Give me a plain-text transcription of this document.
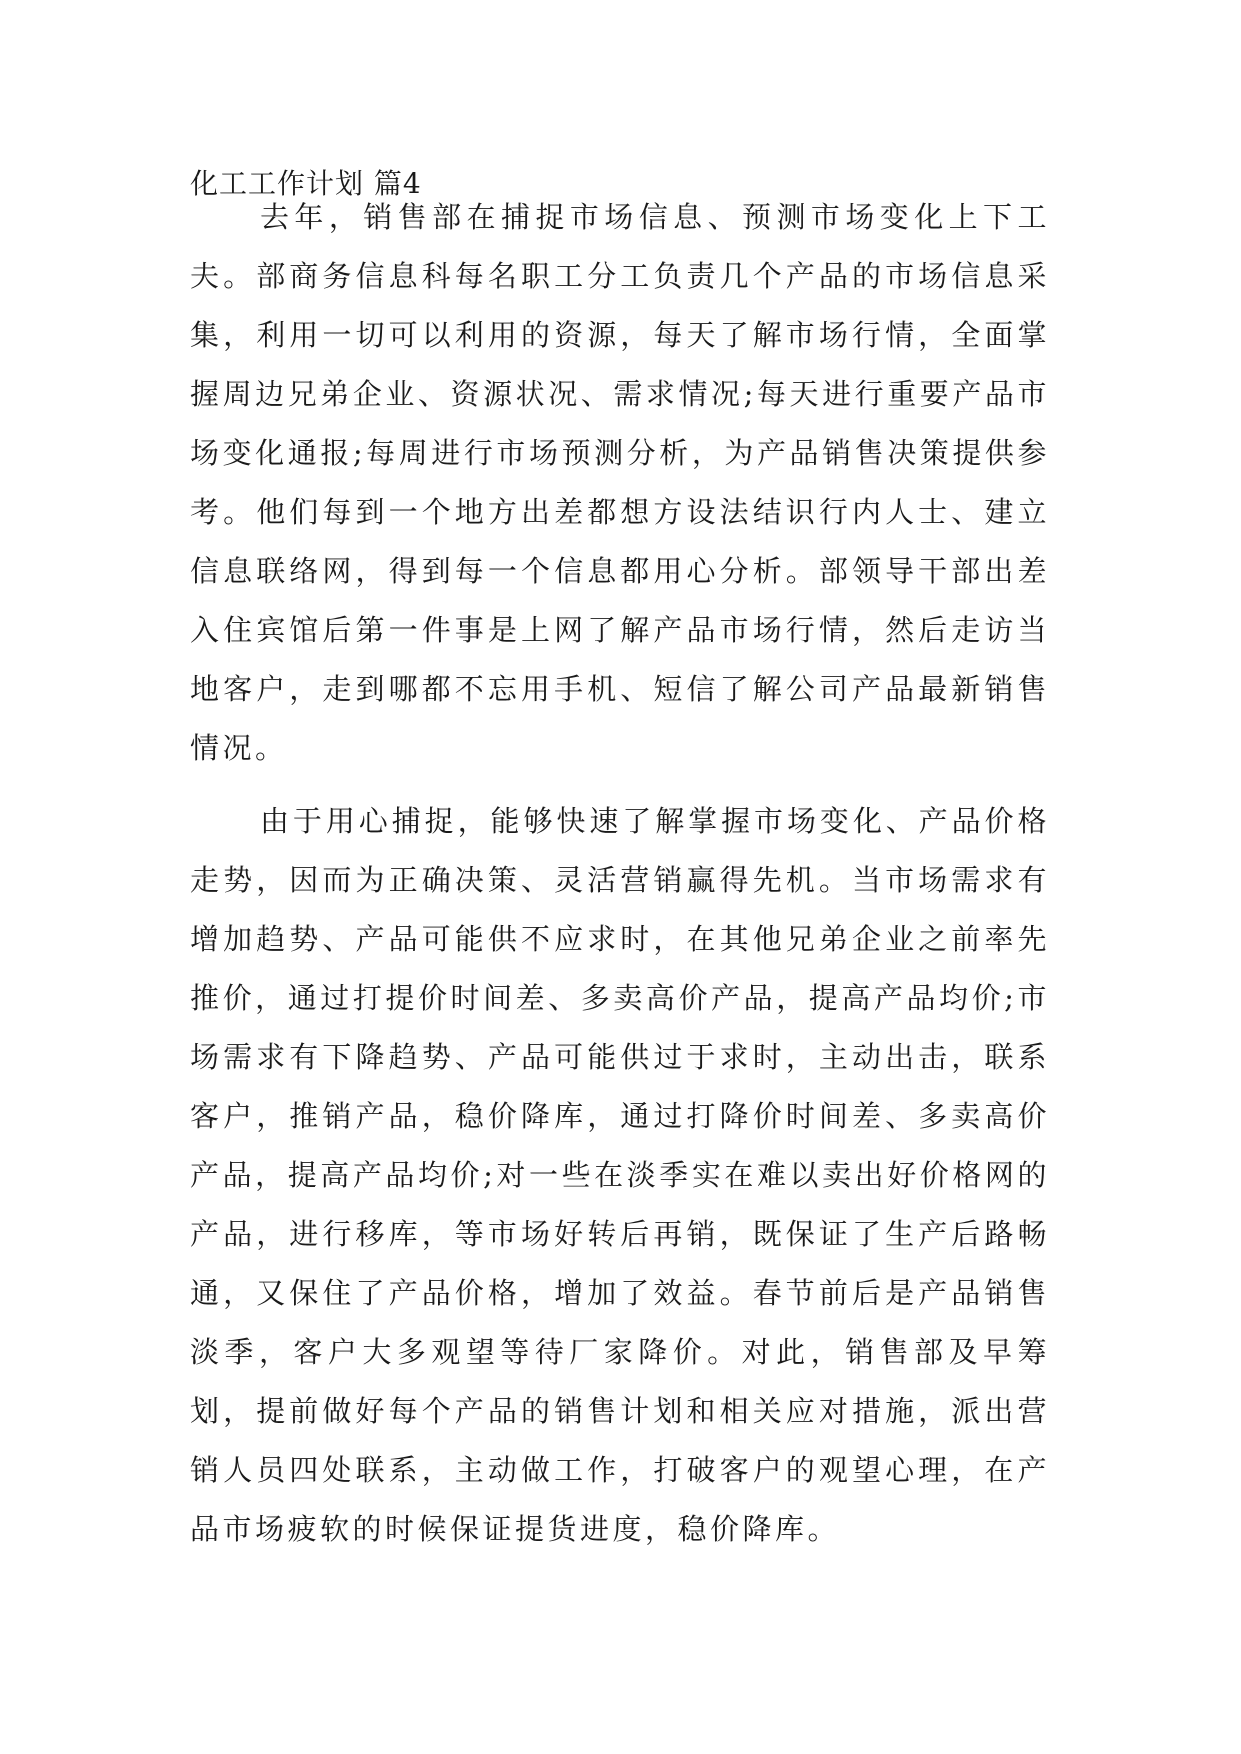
化工工作计划 篇4

去年，销售部在捕捉市场信息、预测市场变化上下工夫。部商务信息科每名职工分工负责几个产品的市场信息采集，利用一切可以利用的资源，每天了解市场行情，全面掌握周边兄弟企业、资源状况、需求情况;每天进行重要产品市场变化通报;每周进行市场预测分析，为产品销售决策提供参考。他们每到一个地方出差都想方设法结识行内人士、建立信息联络网，得到每一个信息都用心分析。部领导干部出差入住宾馆后第一件事是上网了解产品市场行情，然后走访当地客户，走到哪都不忘用手机、短信了解公司产品最新销售情况。

由于用心捕捉，能够快速了解掌握市场变化、产品价格走势，因而为正确决策、灵活营销赢得先机。当市场需求有增加趋势、产品可能供不应求时，在其他兄弟企业之前率先推价，通过打提价时间差、多卖高价产品，提高产品均价;市场需求有下降趋势、产品可能供过于求时，主动出击，联系客户，推销产品，稳价降库，通过打降价时间差、多卖高价产品，提高产品均价;对一些在淡季实在难以卖出好价格网的产品，进行移库，等市场好转后再销，既保证了生产后路畅通，又保住了产品价格，增加了效益。春节前后是产品销售淡季，客户大多观望等待厂家降价。对此，销售部及早筹划，提前做好每个产品的销售计划和相关应对措施，派出营销人员四处联系，主动做工作，打破客户的观望心理，在产品市场疲软的时候保证提货进度，稳价降库。
